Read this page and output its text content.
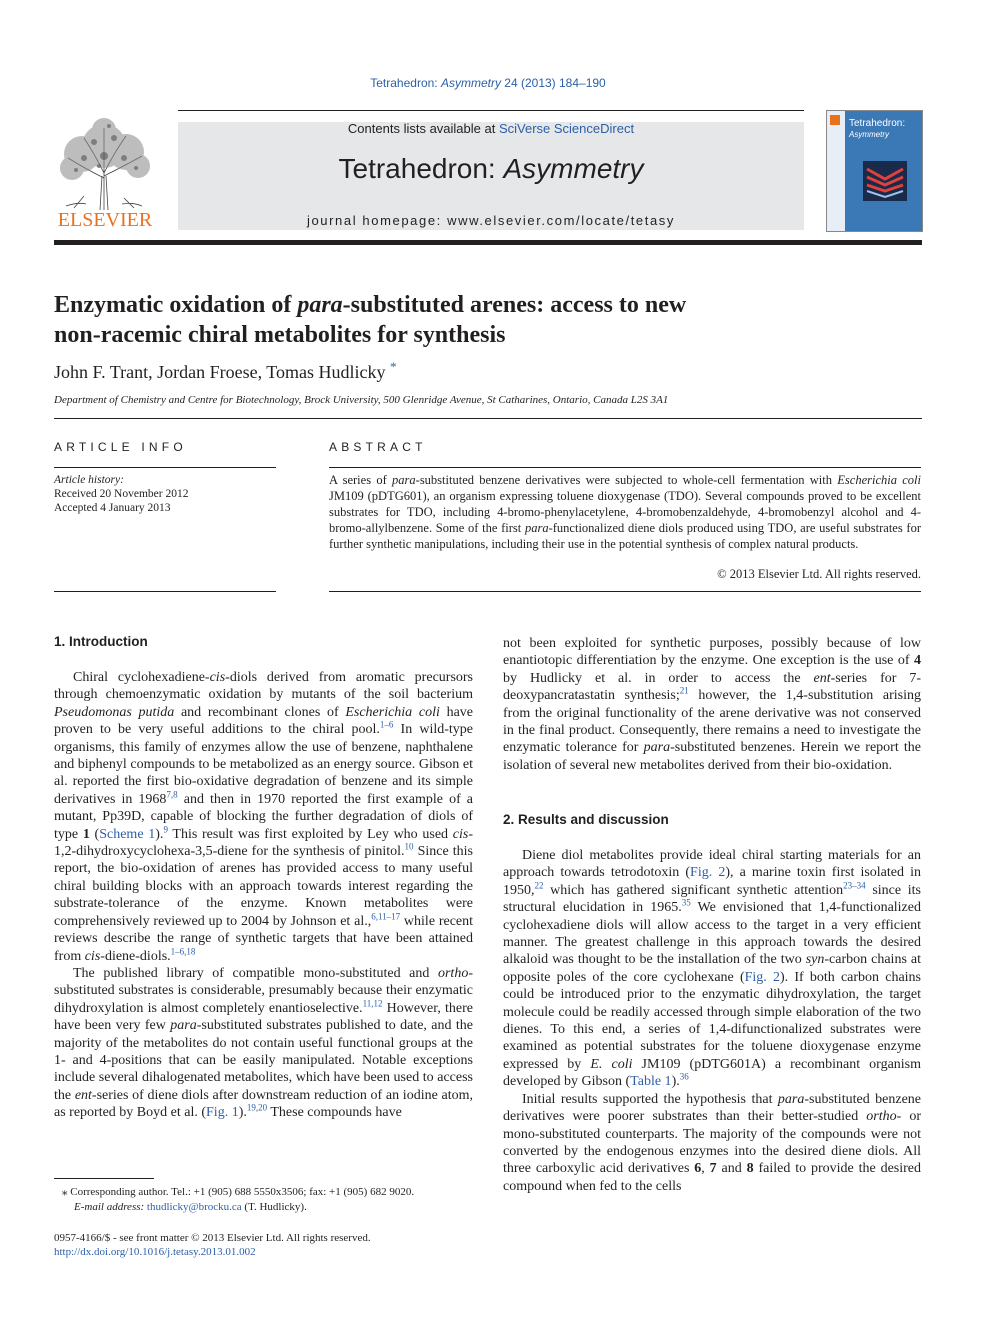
Tetrahedron: Asymmetry 24 (2013) 184–190
ELSEVIER
Contents lists available at SciVerse ScienceDirect
Tetrahedron: Asymmetry
journal homepage: www.elsevier.com/locate/tetasy
Tetrahedron:
Asymmetry
Enzymatic oxidation of para-substituted arenes: access to new
non-racemic chiral metabolites for synthesis
John F. Trant, Jordan Froese, Tomas Hudlicky *
Department of Chemistry and Centre for Biotechnology, Brock University, 500 Glenridge Avenue, St Catharines, Ontario, Canada L2S 3A1
ARTICLE INFO
Article history:
Received 20 November 2012
Accepted 4 January 2013
ABSTRACT
A series of para-substituted benzene derivatives were subjected to whole-cell fermentation with Escherichia coli JM109 (pDTG601), an organism expressing toluene dioxygenase (TDO). Several compounds proved to be excellent substrates for TDO, including 4-bromo-phenylacetylene, 4-bromobenzaldehyde, 4-bromobenzyl alcohol and 4-bromo-allylbenzene. Some of the first para-functionalized diene diols produced using TDO, are useful substrates for further synthetic manipulations, including their use in the potential synthesis of complex natural products.
© 2013 Elsevier Ltd. All rights reserved.
1. Introduction

Chiral cyclohexadiene-cis-diols derived from aromatic precursors through chemoenzymatic oxidation by mutants of the soil bacterium Pseudomonas putida and recombinant clones of Escherichia coli have proven to be very useful additions to the chiral pool.$^{1-6}$ In wild-type organisms, this family of enzymes allow the use of benzene, naphthalene and biphenyl compounds to be metabolized as an energy source. Gibson et al. reported the first bio-oxidative degradation of benzene and its simple derivatives in 1968$^{7,8}$ and then in 1970 reported the first example of a mutant, Pp39D, capable of blocking the further degradation of diols of type 1 (Scheme 1).$^9$ This result was first exploited by Ley who used cis-1,2-dihydroxycyclohexa-3,5-diene for the synthesis of pinitol.$^{10}$ Since this report, the bio-oxidation of arenes has provided access to many useful chiral building blocks with an approach towards interest regarding the substrate-tolerance of the enzyme. Known metabolites were comprehensively reviewed up to 2004 by Johnson et al.,$^{6,11-17}$ while recent reviews describe the range of synthetic targets that have been attained from cis-diene-diols.$^{1-6,18}$

The published library of compatible mono-substituted and ortho-substituted substrates is considerable, presumably because their enzymatic dihydroxylation is almost completely enantioselective.$^{11,12}$ However, there have been very few para-substituted substrates published to date, and the majority of the metabolites do not contain useful functional groups at the 1- and 4-positions that can be easily manipulated. Notable exceptions include several dihalogenated metabolites, which have been used to access the ent-series of diene diols after downstream reduction of an iodine atom, as reported by Boyd et al. (Fig. 1).$^{19,20}$ These compounds have

⁎ Corresponding author. Tel.: +1 (905) 688 5550x3506; fax: +1 (905) 682 9020.
E-mail address: thudlicky@brocku.ca (T. Hudlicky).
0957-4166/$ - see front matter © 2013 Elsevier Ltd. All rights reserved.
http://dx.doi.org/10.1016/j.tetasy.2013.01.002

not been exploited for synthetic purposes, possibly because of low enantiotopic differentiation by the enzyme. One exception is the use of 4 by Hudlicky et al. in order to access the ent-series for 7-deoxypancratastatin synthesis;$^{21}$ however, the 1,4-substitution arising from the original functionality of the arene derivative was not conserved in the final product. Consequently, there remains a need to investigate the enzymatic tolerance for para-substituted benzenes. Herein we report the isolation of several new metabolites derived from their bio-oxidation.

2. Results and discussion

Diene diol metabolites provide ideal chiral starting materials for an approach towards tetrodotoxin (Fig. 2), a marine toxin first isolated in 1950,22 which has gathered significant synthetic attention$^{23-34}$ since its structural elucidation in 1965.35 We envisioned that 1,4-functionalized cyclohexadiene diols will allow access to the target in a very efficient manner. The greatest challenge in this approach towards the desired alkaloid was thought to be the installation of the two syn-carbon chains at opposite poles of the core cyclohexane (Fig. 2). If both carbon chains could be introduced prior to the enzymatic dihydroxylation, the target molecule could be readily accessed through simple elaboration of the two dienes. To this end, a series of 1,4-difunctionalized substrates were examined as potential substrates for the toluene dioxygenase enzyme expressed by E. coli JM109 (pDTG601A) a recombinant organism developed by Gibson (Table 1).$^{36}$

Initial results supported the hypothesis that para-substituted benzene derivatives were poorer substrates than their better-studied ortho- or mono-substituted counterparts. The majority of the compounds were not converted by the endogenous enzymes into the desired diene diols. All three carboxylic acid derivatives 6, 7 and 8 failed to provide the desired compound when fed to the cells
